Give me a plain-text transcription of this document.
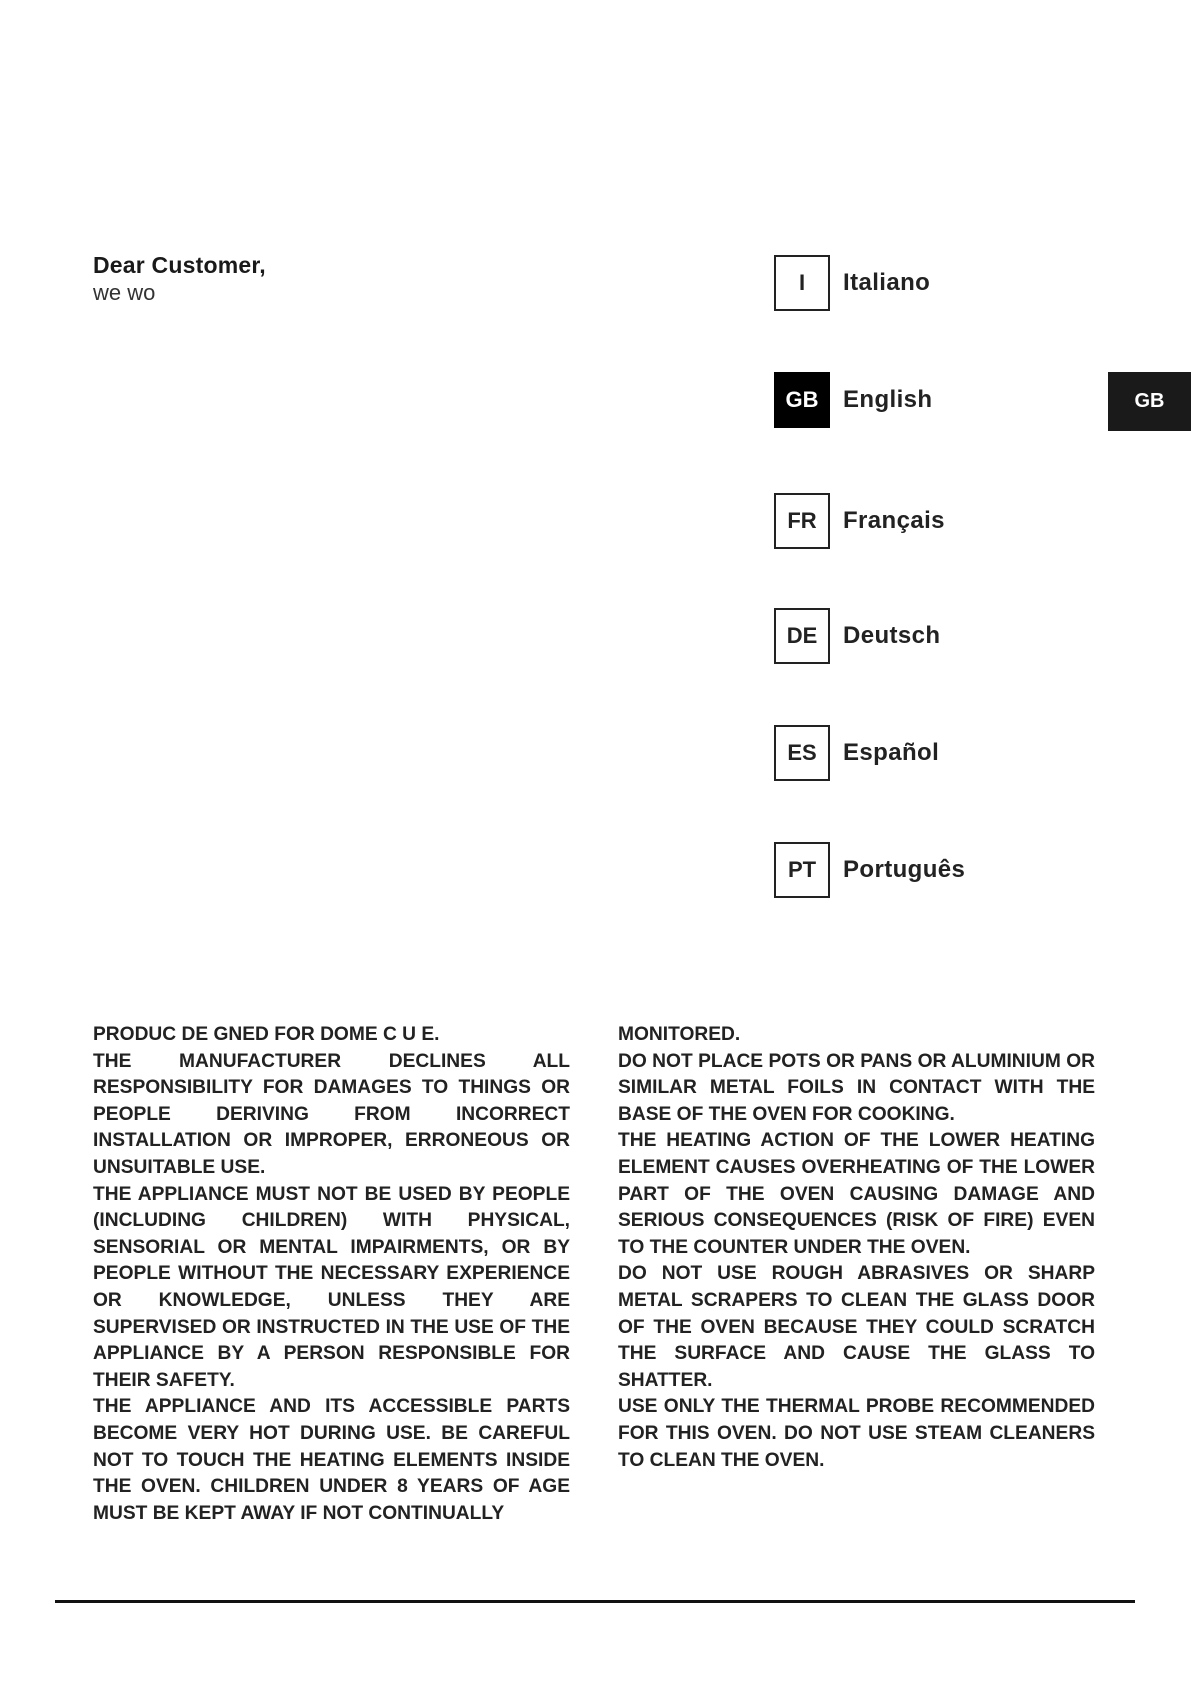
Dear Customer,
we wo	I	Italiano
GB	English
FR	Français
DE	Deutsch
ES	Español
PT	Português
GB

PRODUC DE GNED FOR DOME C U E.

THE MANUFACTURER DECLINES ALL RESPONSIBILITY FOR DAMAGES TO THINGS OR PEOPLE DERIVING FROM INCORRECT INSTALLATION OR IMPROPER, ERRONEOUS OR UNSUITABLE USE.

THE APPLIANCE MUST NOT BE USED BY PEOPLE (INCLUDING CHILDREN) WITH PHYSICAL, SENSORIAL OR MENTAL IMPAIRMENTS, OR BY PEOPLE WITHOUT THE NECESSARY EXPERIENCE OR KNOWLEDGE, UNLESS THEY ARE SUPERVISED OR INSTRUCTED IN THE USE OF THE APPLIANCE BY A PERSON RESPONSIBLE FOR THEIR SAFETY.

THE APPLIANCE AND ITS ACCESSIBLE PARTS BECOME VERY HOT DURING USE. BE CAREFUL NOT TO TOUCH THE HEATING ELEMENTS INSIDE THE OVEN. CHILDREN UNDER 8 YEARS OF AGE MUST BE KEPT AWAY IF NOT CONTINUALLY

MONITORED.

DO NOT PLACE POTS OR PANS OR ALUMINIUM OR SIMILAR METAL FOILS IN CONTACT WITH THE BASE OF THE OVEN FOR COOKING.

THE HEATING ACTION OF THE LOWER HEATING ELEMENT CAUSES OVERHEATING OF THE LOWER PART OF THE OVEN CAUSING DAMAGE AND SERIOUS CONSEQUENCES (RISK OF FIRE) EVEN TO THE COUNTER UNDER THE OVEN.

DO NOT USE ROUGH ABRASIVES OR SHARP METAL SCRAPERS TO CLEAN THE GLASS DOOR OF THE OVEN BECAUSE THEY COULD SCRATCH THE SURFACE AND CAUSE THE GLASS TO SHATTER.

USE ONLY THE THERMAL PROBE RECOMMENDED FOR THIS OVEN. DO NOT USE STEAM CLEANERS TO CLEAN THE OVEN.
